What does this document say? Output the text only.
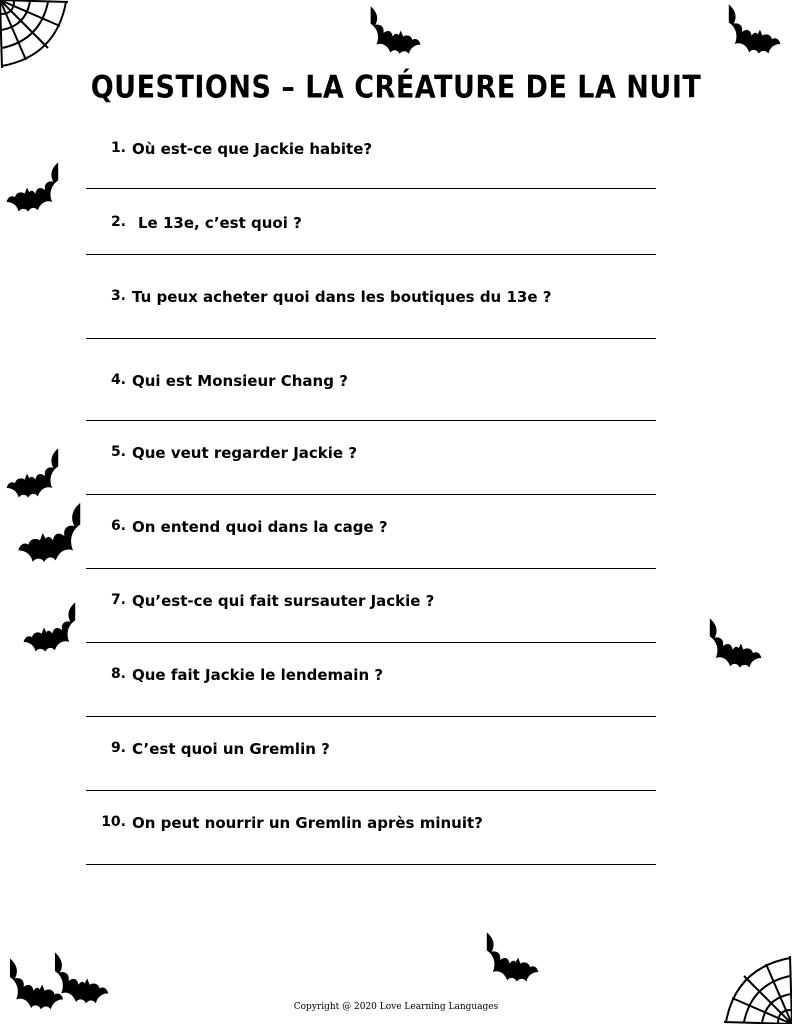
QUESTIONS – LA CRÉATURE DE LA NUIT
1. Où est-ce que Jackie habite?
2. Le 13e, c’est quoi ?
3. Tu peux acheter quoi dans les boutiques du 13e ?
4. Qui est Monsieur Chang ?
5. Que veut regarder Jackie ?
6. On entend quoi dans la cage ?
7. Qu’est-ce qui fait sursauter Jackie ?
8. Que fait Jackie le lendemain ?
9. C’est quoi un Gremlin ?
10. On peut nourrir un Gremlin après minuit?
Copyright @ 2020 Love Learning Languages
